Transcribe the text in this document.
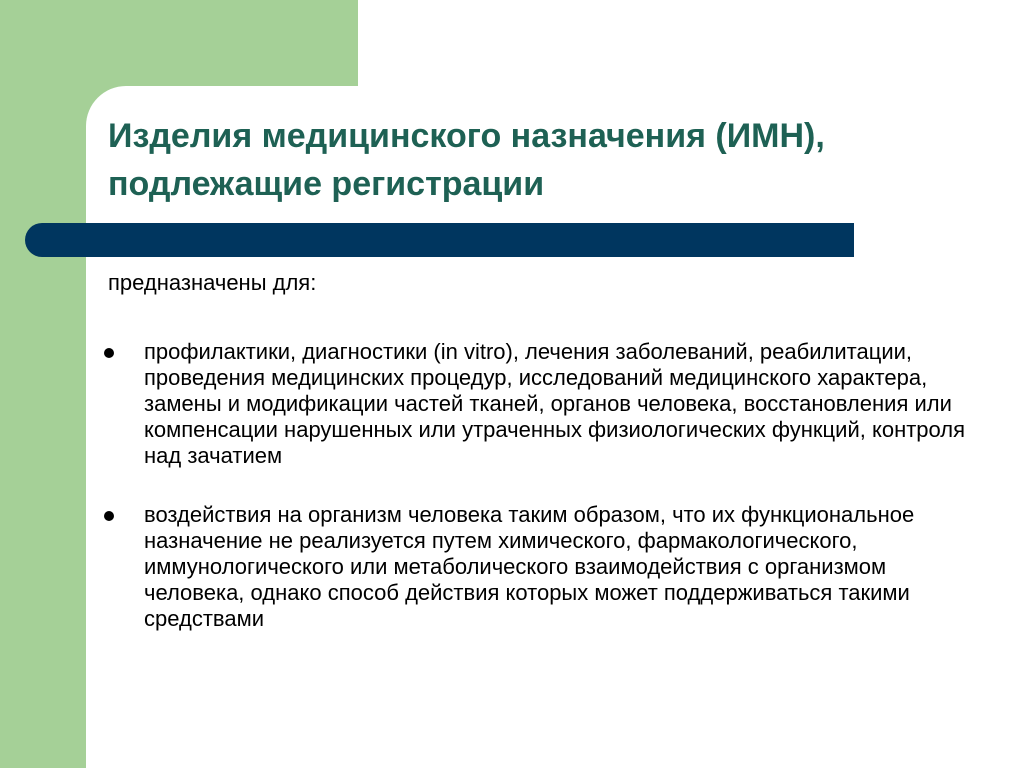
Изделия медицинского назначения (ИМН),
подлежащие регистрации

предназначены для:

профилактики, диагностики (in vitro), лечения заболеваний, реабилитации, проведения медицинских процедур, исследований медицинского характера, замены и модификации частей тканей, органов человека, восстановления или компенсации нарушенных или утраченных физиологических функций, контроля над зачатием
воздействия на организм человека таким образом, что их функциональное назначение не реализуется путем химического, фармакологического, иммунологического или метаболического взаимодействия с организмом человека, однако способ действия которых может поддерживаться такими средствами
